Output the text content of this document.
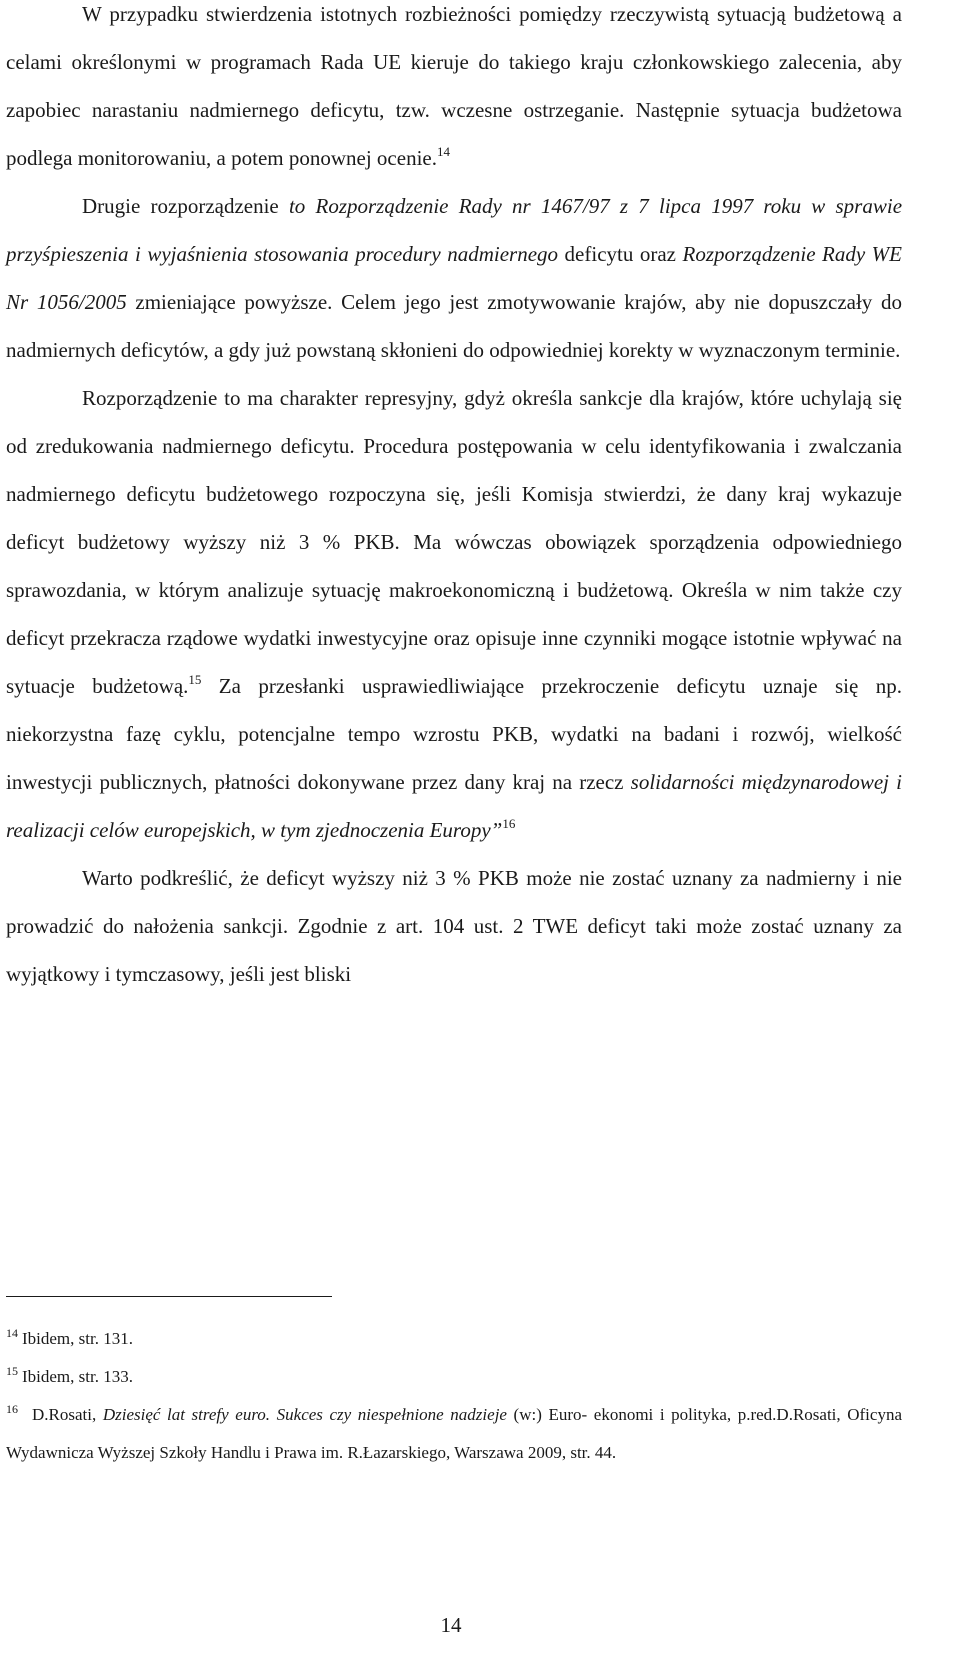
W przypadku stwierdzenia istotnych rozbieżności pomiędzy rzeczywistą sytuacją budżetową a celami określonymi w programach Rada UE kieruje do takiego kraju członkowskiego zalecenia, aby zapobiec narastaniu nadmiernego deficytu, tzw. wczesne ostrzeganie. Następnie sytuacja budżetowa podlega monitorowaniu, a potem ponownej ocenie.$^{14}$

Drugie rozporządzenie to Rozporządzenie Rady nr 1467/97 z 7 lipca 1997 roku w sprawie przyśpieszenia i wyjaśnienia stosowania procedury nadmiernego deficytu oraz Rozporządzenie Rady WE Nr 1056/2005 zmieniające powyższe. Celem jego jest zmotywowanie krajów, aby nie dopuszczały do nadmiernych deficytów, a gdy już powstaną skłonieni do odpowiedniej korekty w wyznaczonym terminie.

Rozporządzenie to ma charakter represyjny, gdyż określa sankcje dla krajów, które uchylają się od zredukowania nadmiernego deficytu. Procedura postępowania w celu identyfikowania i zwalczania nadmiernego deficytu budżetowego rozpoczyna się, jeśli Komisja stwierdzi, że dany kraj wykazuje deficyt budżetowy wyższy niż 3 % PKB. Ma wówczas obowiązek sporządzenia odpowiedniego sprawozdania, w którym analizuje sytuację makroekonomiczną i budżetową. Określa w nim także czy deficyt przekracza rządowe wydatki inwestycyjne oraz opisuje inne czynniki mogące istotnie wpływać na sytuacje budżetową.$^{15}$ Za przesłanki usprawiedliwiające przekroczenie deficytu uznaje się np. niekorzystna fazę cyklu, potencjalne tempo wzrostu PKB, wydatki na badani i rozwój, wielkość inwestycji publicznych, płatności dokonywane przez dany kraj na rzecz solidarności międzynarodowej i realizacji celów europejskich, w tym zjednoczenia Europy”$^{16}$

Warto podkreślić, że deficyt wyższy niż 3 % PKB może nie zostać uznany za nadmierny i nie prowadzić do nałożenia sankcji. Zgodnie z art. 104 ust. 2 TWE deficyt taki może zostać uznany za wyjątkowy i tymczasowy, jeśli jest bliski

$^{14}$ Ibidem, str. 131.

$^{15}$ Ibidem, str. 133.

$^{16}$ D.Rosati, Dziesięć lat strefy euro. Sukces czy niespełnione nadzieje (w:) Euro- ekonomi i polityka, p.red.D.Rosati, Oficyna Wydawnicza Wyższej Szkoły Handlu i Prawa im. R.Łazarskiego, Warszawa 2009, str. 44.

14
